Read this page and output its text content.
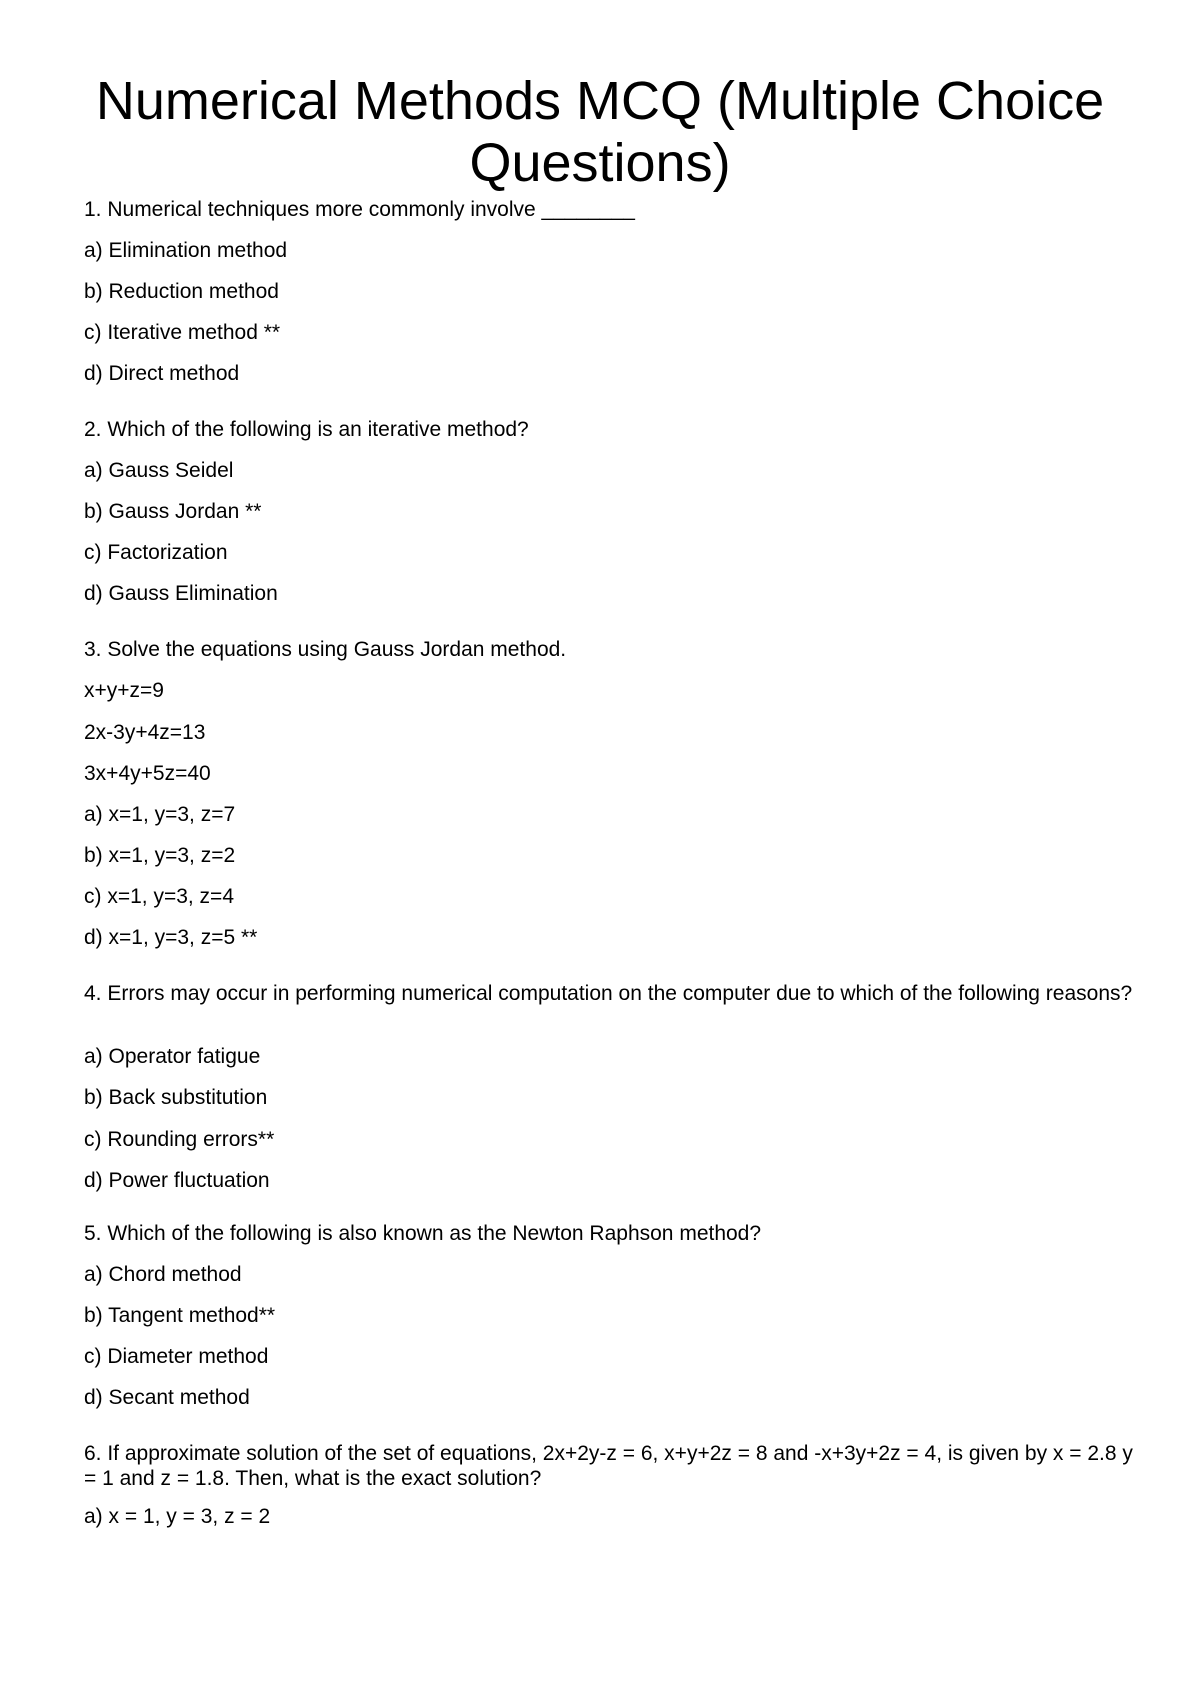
Numerical Methods MCQ (Multiple Choice Questions)

1. Numerical techniques more commonly involve ________

a) Elimination method

b) Reduction method

c) Iterative method **

d) Direct method

2. Which of the following is an iterative method?

a) Gauss Seidel

b) Gauss Jordan **

c) Factorization

d) Gauss Elimination

3. Solve the equations using Gauss Jordan method.

x+y+z=9

2x-3y+4z=13

3x+4y+5z=40

a) x=1, y=3, z=7

b) x=1, y=3, z=2

c) x=1, y=3, z=4

d) x=1, y=3, z=5 **

4. Errors may occur in performing numerical computation on the computer due to which of the following reasons?

a) Operator fatigue

b) Back substitution

c) Rounding errors**

d) Power fluctuation

5. Which of the following is also known as the Newton Raphson method?

a) Chord method

b) Tangent method**

c) Diameter method

d) Secant method

6. If approximate solution of the set of equations, 2x+2y-z = 6, x+y+2z = 8 and -x+3y+2z = 4, is given by x = 2.8 y = 1 and z = 1.8. Then, what is the exact solution?

a) x = 1, y = 3, z = 2
